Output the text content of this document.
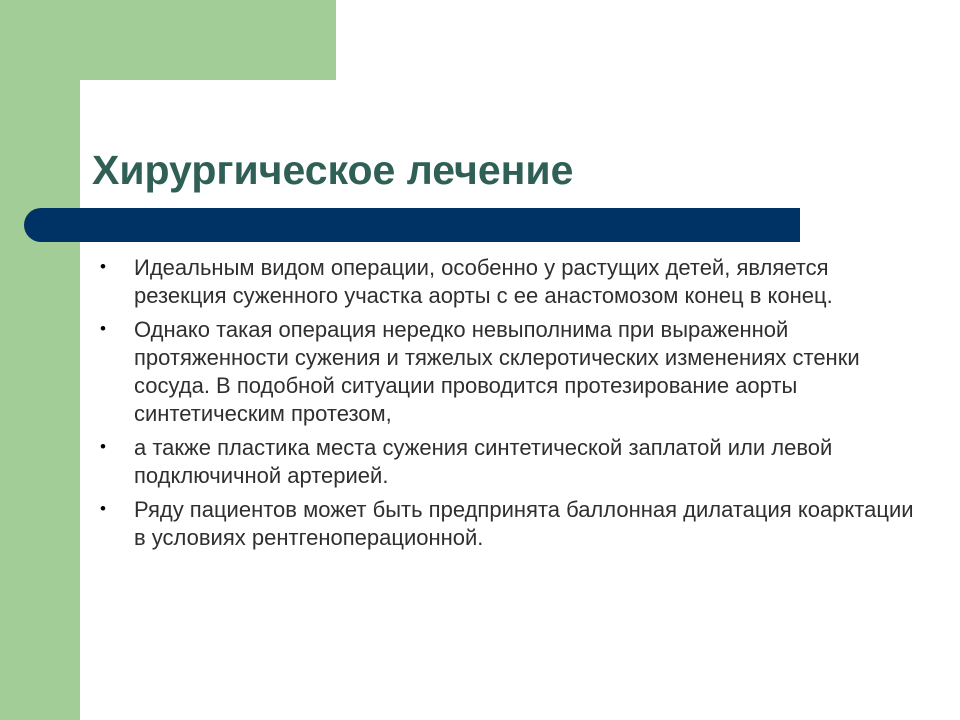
Хирургическое лечение
• Идеальным видом операции, особенно у растущих детей, является резекция суженного участка аорты с ее анастомозом конец в конец.
• Однако такая операция нередко невыполнима при выраженной протяженности сужения и тяжелых склеротических изменениях стенки сосуда. В подобной ситуации проводится протезирование аорты синтетическим протезом,
• а также пластика места сужения синтетической заплатой или левой подключичной артерией.
• Ряду пациентов может быть предпринята баллонная дилатация коарктации в условиях рентгеноперационной.
